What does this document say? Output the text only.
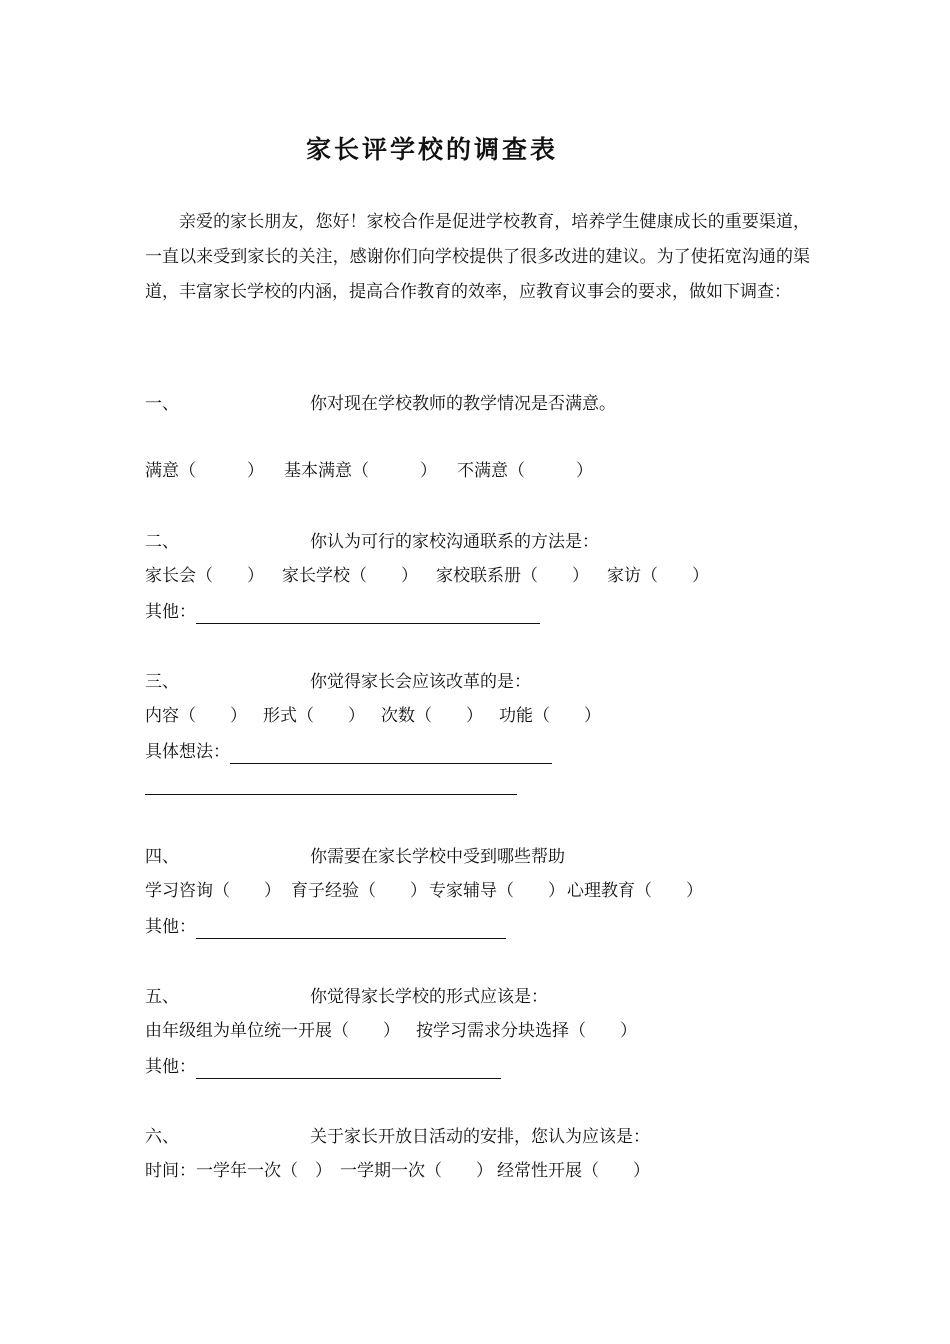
家长评学校的调查表
亲爱的家长朋友，您好！家校合作是促进学校教育，培养学生健康成长的重要渠道，一直以来受到家长的关注，感谢你们向学校提供了很多改进的建议。为了使拓宽沟通的渠道，丰富家长学校的内涵，提高合作教育的效率，应教育议事会的要求，做如下调查：
一、	你对现在学校教师的教学情况是否满意。
满意（　　　） 基本满意（　　　） 不满意（　　　）
二、	你认为可行的家校沟通联系的方法是：
家长会（　　） 家长学校（　　） 家校联系册（　　） 家访（　　）
其他：
三、	你觉得家长会应该改革的是：
内容（　　） 形式（　　） 次数（　　） 功能（　　）
具体想法：
四、	你需要在家长学校中受到哪些帮助
学习咨询（　　） 育子经验（　　） 专家辅导（　　） 心理教育（　　）
其他：
五、	你觉得家长学校的形式应该是：
由年级组为单位统一开展（　　） 按学习需求分块选择（　　）
其他：
六、	关于家长开放日活动的安排，您认为应该是：
时间：一学年一次（　） 一学期一次（　　） 经常性开展（　　）
